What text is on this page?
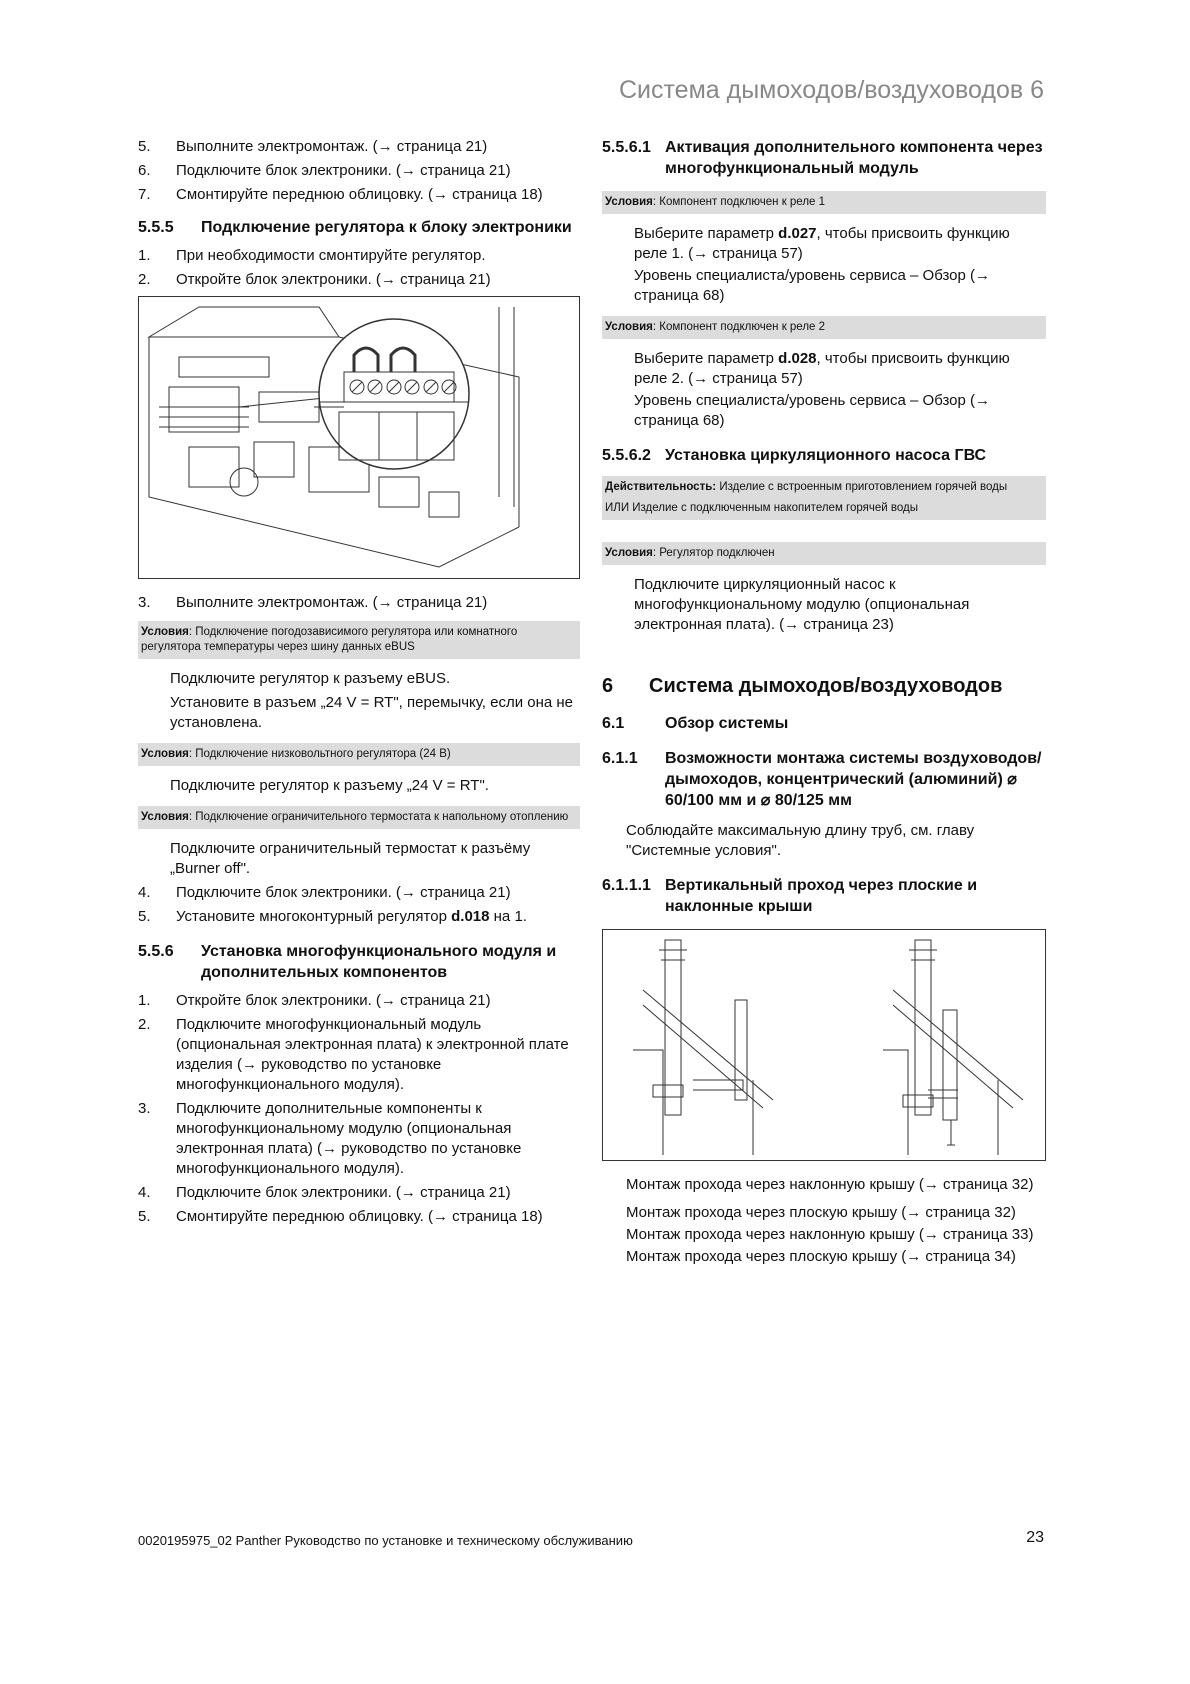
Система дымоходов/воздуховодов 6
5.	Выполните электромонтаж. (→ страница 21)
6.	Подключите блок электроники. (→ страница 21)
7.	Смонтируйте переднюю облицовку. (→ страница 18)
5.5.5	Подключение регулятора к блоку электроники
1.	При необходимости смонтируйте регулятор.
2.	Откройте блок электроники. (→ страница 21)
3.	Выполните электромонтаж. (→ страница 21)
Условия: Подключение погодозависимого регулятора или комнатного регулятора температуры через шину данных eBUS
Подключите регулятор к разъему eBUS.
Установите в разъем „24 V = RT", перемычку, если она не установлена.
Условия: Подключение низковольтного регулятора (24 В)
Подключите регулятор к разъему „24 V = RT".
Условия: Подключение ограничительного термостата к напольному отоплению
Подключите ограничительный термостат к разъёму „Burner off".
4.	Подключите блок электроники. (→ страница 21)
5.	Установите многоконтурный регулятор d.018 на 1.
5.5.6	Установка многофункционального модуля и дополнительных компонентов
1.	Откройте блок электроники. (→ страница 21)
2.	Подключите многофункциональный модуль (опциональная электронная плата) к электронной плате изделия (→ руководство по установке многофункционального модуля).
3.	Подключите дополнительные компоненты к многофункциональному модулю (опциональная электронная плата) (→ руководство по установке многофункционального модуля).
4.	Подключите блок электроники. (→ страница 21)
5.	Смонтируйте переднюю облицовку. (→ страница 18)
5.5.6.1 Активация дополнительного компонента через многофункциональный модуль
Условия: Компонент подключен к реле 1
Выберите параметр d.027, чтобы присвоить функцию реле 1. (→ страница 57)
Уровень специалиста/уровень сервиса – Обзор (→ страница 68)
Условия: Компонент подключен к реле 2
Выберите параметр d.028, чтобы присвоить функцию реле 2. (→ страница 57)
Уровень специалиста/уровень сервиса – Обзор (→ страница 68)
5.5.6.2 Установка циркуляционного насоса ГВС
Действительность: Изделие с встроенным приготовлением горячей воды
ИЛИ Изделие с подключенным накопителем горячей воды
Условия: Регулятор подключен
Подключите циркуляционный насос к многофункциональному модулю (опциональная электронная плата). (→ страница 23)
6	Система дымоходов/воздуховодов
6.1	Обзор системы
6.1.1	Возможности монтажа системы воздуховодов/дымоходов, концентрический (алюминий) ⌀ 60/100 мм и ⌀ 80/125 мм
Соблюдайте максимальную длину труб, см. главу "Системные условия".
6.1.1.1 Вертикальный проход через плоские и наклонные крыши
Монтаж прохода через наклонную крышу (→ страница 32)
Монтаж прохода через плоскую крышу (→ страница 32)
Монтаж прохода через наклонную крышу (→ страница 33)
Монтаж прохода через плоскую крышу (→ страница 34)
0020195975_02 Panther Руководство по установке и техническому обслуживанию	23
